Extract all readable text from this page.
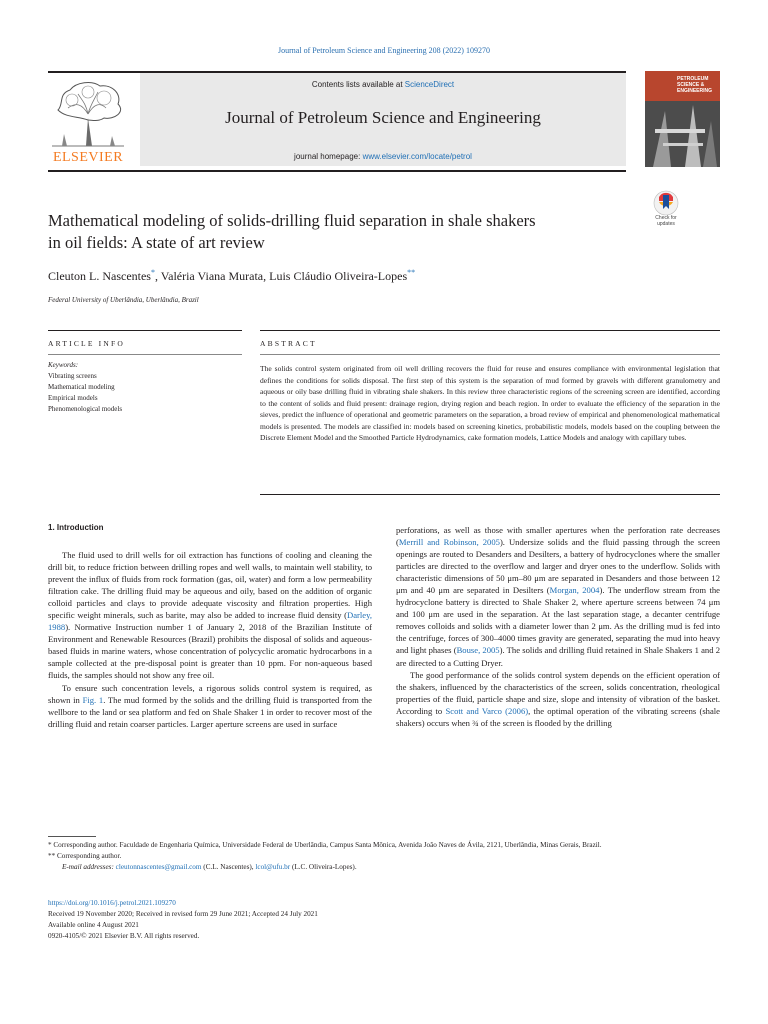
Journal of Petroleum Science and Engineering 208 (2022) 109270
ELSEVIER
Contents lists available at ScienceDirect
Journal of Petroleum Science and Engineering
journal homepage: www.elsevier.com/locate/petrol
PETROLEUM SCIENCE & ENGINEERING
Check for updates
Mathematical modeling of solids-drilling fluid separation in shale shakers
in oil fields: A state of art review
Cleuton L. Nascentes*, Valéria Viana Murata, Luis Cláudio Oliveira-Lopes**
Federal University of Uberlândia, Uberlândia, Brazil
ARTICLE INFO	ABSTRACT
Keywords:
Vibrating screens
Mathematical modeling
Empirical models
Phenomenological models
The solids control system originated from oil well drilling recovers the fluid for reuse and ensures compliance with environmental legislation that defines the conditions for solids disposal. The first step of this system is the separation of mud formed by gravels with different granulometry and aqueous or oily base drilling fluid in vibrating shale shakers. In this review three characteristic regions of the screening screen are identified, according to the content of solids and fluid present: drainage region, drying region and beach region. In order to evaluate the efficiency of the separation in the sieves, predict the influence of operational and geometric parameters on the separation, a broad review of empirical and phenomenological mathematical models is presented. The models are classified in: models based on screening kinetics, probabilistic models, models based on the coupling between the Discrete Element Model and the Smoothed Particle Hydrodynamics, cake formation models, Lattice Models and analogy with capillary tubes.
1. Introduction

The fluid used to drill wells for oil extraction has functions of cooling and cleaning the drill bit, to reduce friction between drilling ropes and well walls, to maintain well stability, to prevent the influx of fluids from rock formation (gas, oil, water) and form a low permeability filtration cake. The drilling fluid may be aqueous and oily, based on the addition of organic colloid particles and clays to provide adequate viscosity and filtration properties. High specific weight minerals, such as barite, may also be added to increase fluid density (Darley, 1988). Normative Instruction number 1 of January 2, 2018 of the Brazilian Institute of Environment and Renewable Resources (Brazil) prohibits the disposal of solids and aqueous-based fluids in marine waters, whose concentration of polycyclic aromatic hydrocarbons in a sample collected at the pre-disposal point is greater than 10 ppm. For non-aqueous based fluids, the samples should not show any free oil.

To ensure such concentration levels, a rigorous solids control system is required, as shown in Fig. 1. The mud formed by the solids and the drilling fluid is transported from the wellbore to the land or sea platform and fed on Shale Shaker 1 in order to recover most of the drilling fluid and retain coarser particles. Larger aperture screens are used in surface

perforations, as well as those with smaller apertures when the perforation rate decreases (Merrill and Robinson, 2005). Undersize solids and the fluid passing through the screen openings are routed to Desanders and Desilters, a battery of hydrocyclones where the smaller particles are directed to the overflow and larger and dryer ones to the underflow. Solids with characteristic dimensions of 50 μm–80 μm are separated in Desanders and those between 12 μm and 40 μm are separated in Desilters (Morgan, 2004). The underflow stream from the hydrocyclone battery is directed to Shale Shaker 2, where aperture screens between 74 μm and 100 μm are used in the separation. At the last separation stage, a decanter centrifuge removes colloids and solids with a diameter lower than 2 μm. As the drilling mud is fed into the centrifuge, forces of 300–4000 times gravity are generated, separating the mud into heavy and light phases (Bouse, 2005). The solids and drilling fluid retained in Shale Shakers 1 and 2 are directed to a Cutting Dryer.

The good performance of the solids control system depends on the efficient operation of the shakers, influenced by the characteristics of the screen, solids concentration, rheological properties of the fluid, particle shape and size, slope and intensity of vibration of the basket. According to Scott and Varco (2006), the optimal operation of the vibrating screens (shale shakers) occurs when ¾ of the screen is flooded by the drilling

* Corresponding author. Faculdade de Engenharia Química, Universidade Federal de Uberlândia, Campus Santa Mônica, Avenida João Naves de Ávila, 2121, Uberlândia, Minas Gerais, Brazil.

** Corresponding author.

E-mail addresses: cleutonnascentes@gmail.com (C.L. Nascentes), lcol@ufu.br (L.C. Oliveira-Lopes).

https://doi.org/10.1016/j.petrol.2021.109270

Received 19 November 2020; Received in revised form 29 June 2021; Accepted 24 July 2021

Available online 4 August 2021

0920-4105/© 2021 Elsevier B.V. All rights reserved.
